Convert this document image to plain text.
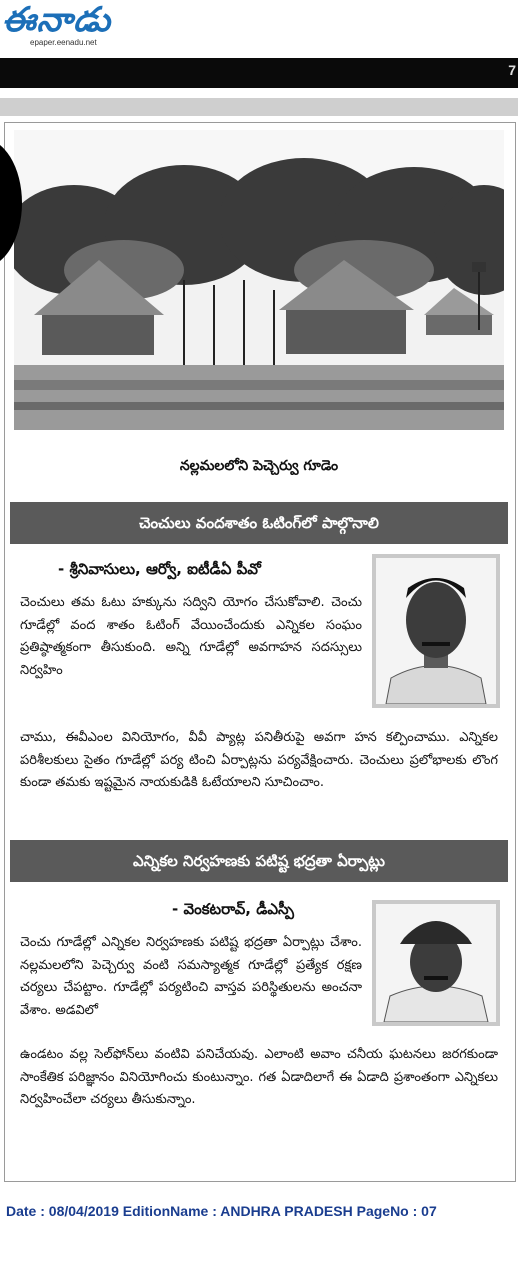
ఈనాడు
epaper.eenadu.net
7
నల్లమలలోని పెచ్చెర్వు గూడెం
చెంచులు వందశాతం ఓటింగ్‌లో పాల్గొనాలి
- శ్రీనివాసులు, ఆర్వో, ఐటీడీఏ పీవో
చెంచులు తమ ఓటు హక్కును సద్విని యోగం చేసుకోవాలి. చెంచు గూడేల్లో వంద శాతం ఓటింగ్ వేయించేందుకు ఎన్నికల సంఘం ప్రతిష్ఠాత్మకంగా తీసుకుంది. అన్ని గూడేల్లో అవగాహన సదస్సులు నిర్వహిం
చాము, ఈవీఎంల వినియోగం, వీవీ ప్యాట్ల పనితీరుపై అవగా హన కల్పించాము. ఎన్నికల పరిశీలకులు సైతం గూడేల్లో పర్య టించి ఏర్పాట్లను పర్యవేక్షించారు. చెంచులు ప్రలోభాలకు లొంగ కుండా తమకు ఇష్టమైన నాయకుడికి ఓటేయాలని సూచించాం.
ఎన్నికల నిర్వహణకు పటిష్ట భద్రతా ఏర్పాట్లు
- వెంకటరావ్, డీఎస్పీ
చెంచు గూడేల్లో ఎన్నికల నిర్వహణకు పటిష్ట భద్రతా ఏర్పాట్లు చేశాం. నల్లమలలోని పెచ్చెర్వు వంటి సమస్యాత్మక గూడేల్లో ప్రత్యేక రక్షణ చర్యలు చేపట్టాం. గూడేల్లో పర్యటించి వాస్తవ పరిస్థితులను అంచనా వేశాం. అడవిలో
ఉండటం వల్ల సెల్‌ఫోన్‌లు వంటివి పనిచేయవు. ఎలాంటి అవాం చనీయ ఘటనలు జరగకుండా సాంకేతిక పరిజ్ఞానం వినియోగించు కుంటున్నాం. గత ఏడాదిలాగే ఈ ఏడాది ప్రశాంతంగా ఎన్నికలు నిర్వహించేలా చర్యలు తీసుకున్నాం.
Date : 08/04/2019 EditionName : ANDHRA PRADESH PageNo : 07
